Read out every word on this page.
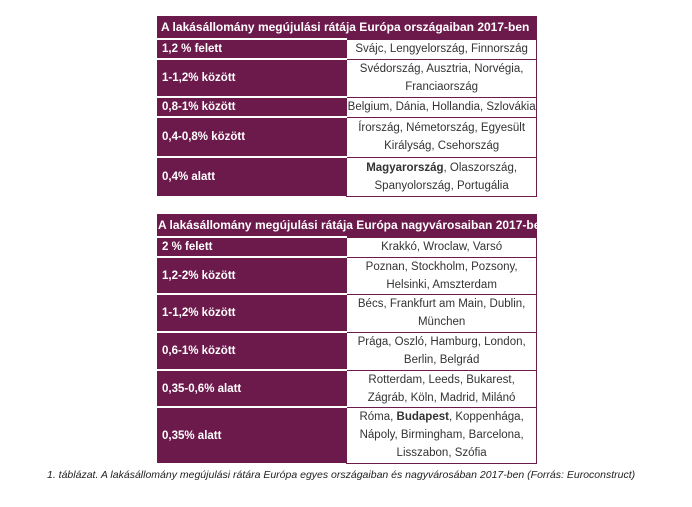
A lakásállomány megújulási rátája Európa országaiban 2017-ben	
1,2 % felett	Svájc, Lengyelország, Finnország
1-1,2% között	Svédország, Ausztria, Norvégia, Franciaország
0,8-1% között	Belgium, Dánia, Hollandia, Szlovákia
0,4-0,8% között	Írország, Németország, Egyesült Királyság, Csehország
0,4% alatt	Magyarország, Olaszország, Spanyolország, Portugália
A lakásállomány megújulási rátája Európa nagyvárosaiban 2017-ben	
2 % felett	Krakkó, Wroclaw, Varsó
1,2-2% között	Poznan, Stockholm, Pozsony, Helsinki, Amszterdam
1-1,2% között	Bécs, Frankfurt am Main, Dublin, München
0,6-1% között	Prága, Oszló, Hamburg, London, Berlin, Belgrád
0,35-0,6% alatt	Rotterdam, Leeds, Bukarest, Zágráb, Köln, Madrid, Milánó
0,35% alatt	Róma, Budapest, Koppenhága, Nápoly, Birmingham, Barcelona, Lisszabon, Szófia
1. táblázat. A lakásállomány megújulási rátára Európa egyes országaiban és nagyvárosában 2017-ben (Forrás: Euroconstruct)
